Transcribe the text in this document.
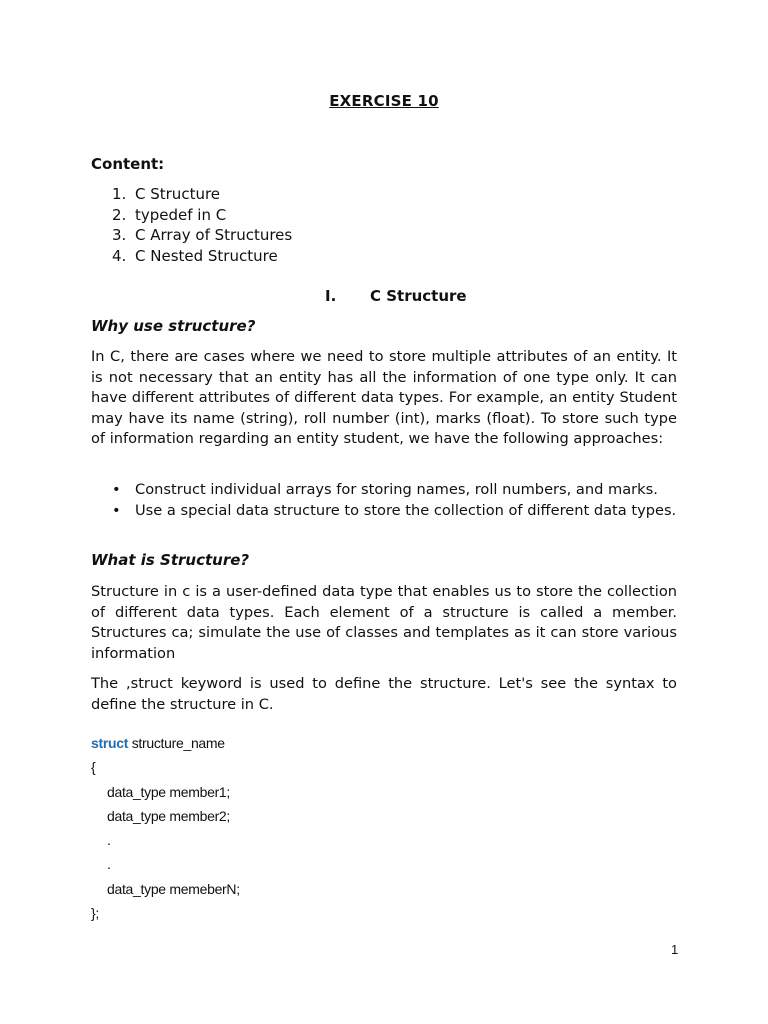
EXERCISE 10
Content:
1. C Structure
2. typedef in C
3. C Array of Structures
4. C Nested Structure
I. C Structure
Why use structure?

In C, there are cases where we need to store multiple attributes of an entity. It is not necessary that an entity has all the information of one type only. It can have different attributes of different data types. For example, an entity Student may have its name (string), roll number (int), marks (float). To store such type of information regarding an entity student, we have the following approaches:

• Construct individual arrays for storing names, roll numbers, and marks.
• Use a special data structure to store the collection of different data types.
What is Structure?

Structure in c is a user-defined data type that enables us to store the collection of different data types. Each element of a structure is called a member. Structures ca; simulate the use of classes and templates as it can store various information

The ,struct keyword is used to define the structure. Let's see the syntax to define the structure in C.

struct structure_name
{
data_type member1;
data_type member2;
.
.
data_type memeberN;
};
1
